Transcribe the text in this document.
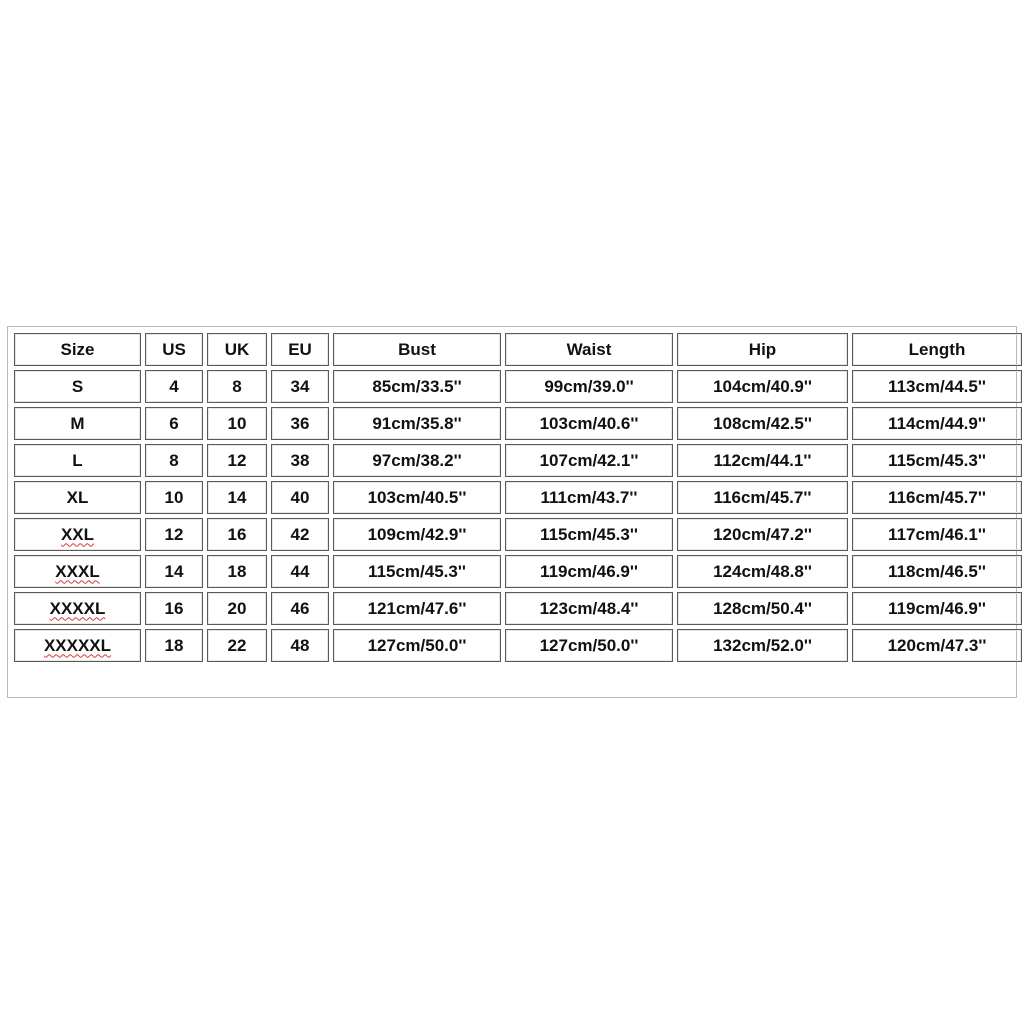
Size	US	UK	EU	Bust	Waist	Hip	Length
S	4	8	34	85cm/33.5''	99cm/39.0''	104cm/40.9''	113cm/44.5''
M	6	10	36	91cm/35.8''	103cm/40.6''	108cm/42.5''	114cm/44.9''
L	8	12	38	97cm/38.2''	107cm/42.1''	112cm/44.1''	115cm/45.3''
XL	10	14	40	103cm/40.5''	111cm/43.7''	116cm/45.7''	116cm/45.7''
XXL	12	16	42	109cm/42.9''	115cm/45.3''	120cm/47.2''	117cm/46.1''
XXXL	14	18	44	115cm/45.3''	119cm/46.9''	124cm/48.8''	118cm/46.5''
XXXXL	16	20	46	121cm/47.6''	123cm/48.4''	128cm/50.4''	119cm/46.9''
XXXXXL	18	22	48	127cm/50.0''	127cm/50.0''	132cm/52.0''	120cm/47.3''
